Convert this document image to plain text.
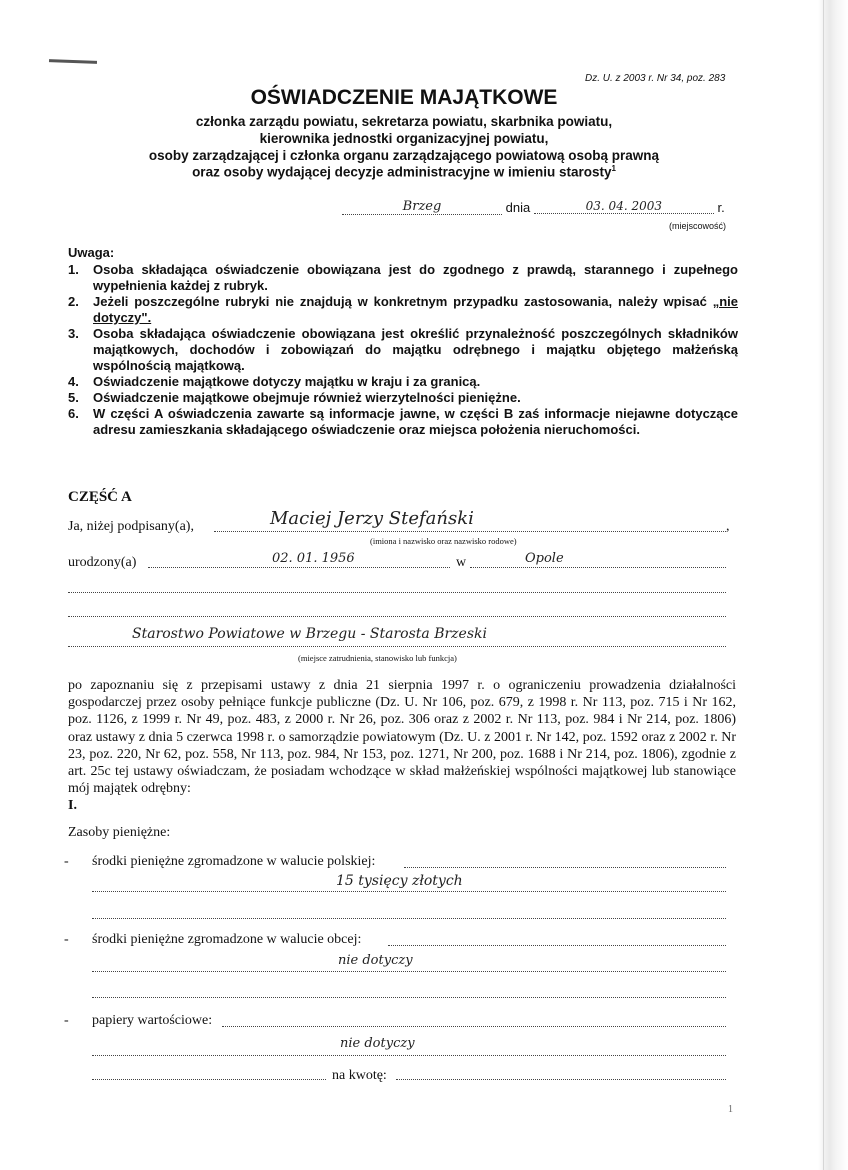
Dz. U. z 2003 r. Nr 34, poz. 283
OŚWIADCZENIE MAJĄTKOWE
członka zarządu powiatu, sekretarza powiatu, skarbnika powiatu,
kierownika jednostki organizacyjnej powiatu,
osoby zarządzającej i członka organu zarządzającego powiatową osobą prawną
oraz osoby wydającej decyzje administracyjne w imieniu starosty$^1$
Brzeg	dnia	03. 04. 2003	r.
(miejscowość)
Uwaga:
1.	Osoba składająca oświadczenie obowiązana jest do zgodnego z prawdą, starannego i zupełnego wypełnienia każdej z rubryk.
2.	Jeżeli poszczególne rubryki nie znajdują w konkretnym przypadku zastosowania, należy wpisać „nie dotyczy".
3.	Osoba składająca oświadczenie obowiązana jest określić przynależność poszczególnych składników majątkowych, dochodów i zobowiązań do majątku odrębnego i majątku objętego małżeńską wspólnością majątkową.
4.	Oświadczenie majątkowe dotyczy majątku w kraju i za granicą.
5.	Oświadczenie majątkowe obejmuje również wierzytelności pieniężne.
6.	W części A oświadczenia zawarte są informacje jawne, w części B zaś informacje niejawne dotyczące adresu zamieszkania składającego oświadczenie oraz miejsca położenia nieruchomości.
CZĘŚĆ A
Ja, niżej podpisany(a),	Maciej Jerzy Stefański	,
(imiona i nazwisko oraz nazwisko rodowe)
urodzony(a)	02. 01. 1956	w	Opole
Starostwo Powiatowe w Brzegu - Starosta Brzeski
(miejsce zatrudnienia, stanowisko lub funkcja)
po zapoznaniu się z przepisami ustawy z dnia 21 sierpnia 1997 r. o ograniczeniu prowadzenia działalności gospodarczej przez osoby pełniące funkcje publiczne (Dz. U. Nr 106, poz. 679, z 1998 r. Nr 113, poz. 715 i Nr 162, poz. 1126, z 1999 r. Nr 49, poz. 483, z 2000 r. Nr 26, poz. 306 oraz z 2002 r. Nr 113, poz. 984 i Nr 214, poz. 1806) oraz ustawy z dnia 5 czerwca 1998 r. o samorządzie powiatowym (Dz. U. z 2001 r. Nr 142, poz. 1592 oraz z 2002 r. Nr 23, poz. 220, Nr 62, poz. 558, Nr 113, poz. 984, Nr 153, poz. 1271, Nr 200, poz. 1688 i Nr 214, poz. 1806), zgodnie z art. 25c tej ustawy oświadczam, że posiadam wchodzące w skład małżeńskiej wspólności majątkowej lub stanowiące mój majątek odrębny:
I.
Zasoby pieniężne:
- środki pieniężne zgromadzone w walucie polskiej:
15 tysięcy złotych
- środki pieniężne zgromadzone w walucie obcej:
nie dotyczy
- papiery wartościowe:
nie dotyczy
na kwotę:
1
